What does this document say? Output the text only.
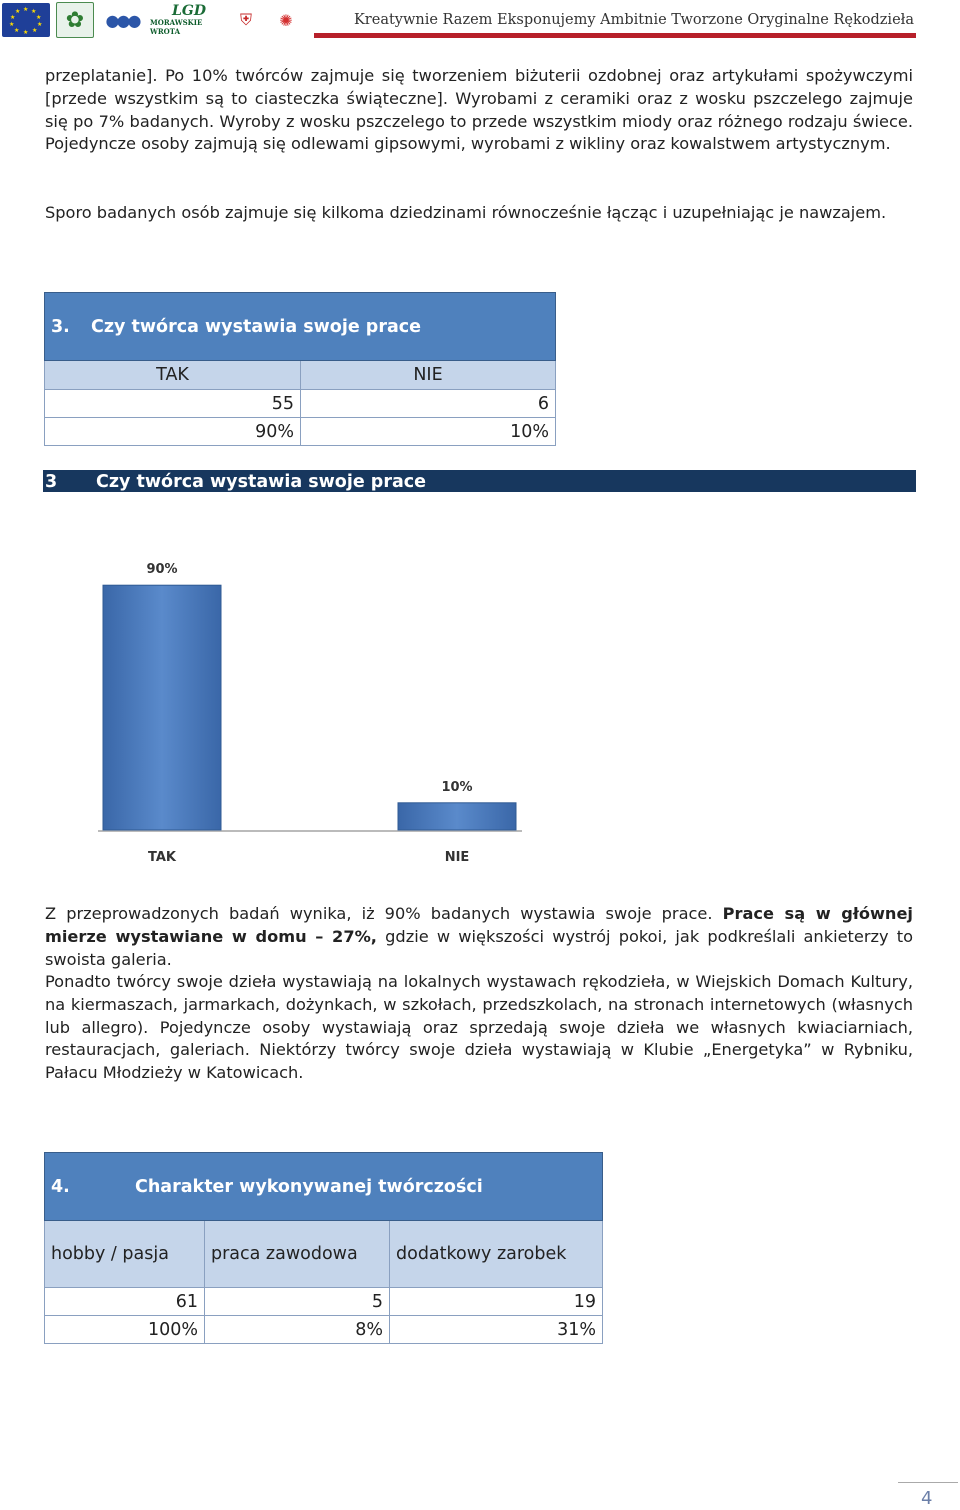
★ ★
★
★
★
★
★
★
★
★	✿	●●●	LGD
MORAWSKIE WROTA
⛨	✺	Kreatywnie Razem Eksponujemy Ambitnie Tworzone Oryginalne Rękodzieła
przeplatanie]. Po 10% twórców zajmuje się tworzeniem biżuterii ozdobnej oraz artykułami spożywczymi [przede wszystkim są to ciasteczka świąteczne]. Wyrobami z ceramiki oraz z wosku pszczelego zajmuje się po 7% badanych. Wyroby z wosku pszczelego to przede wszystkim miody oraz różnego rodzaju świece. Pojedyncze osoby zajmują się odlewami gipsowymi, wyrobami z wikliny oraz kowalstwem artystycznym.
Sporo badanych osób zajmuje się kilkoma dziedzinami równocześnie łącząc i uzupełniając je nawzajem.
3. Czy twórca wystawia swoje prace	
TAK	NIE
55	6
90%	10%
3 Czy twórca wystawia swoje prace
90%
TAK
10%
NIE
Z przeprowadzonych badań wynika, iż 90% badanych wystawia swoje prace. Prace są w głównej mierze wystawiane w domu – 27%, gdzie w większości wystrój pokoi, jak podkreślali ankieterzy to swoista galeria.
Ponadto twórcy swoje dzieła wystawiają na lokalnych wystawach rękodzieła, w Wiejskich Domach Kultury, na kiermaszach, jarmarkach, dożynkach, w szkołach, przedszkolach, na stronach internetowych (własnych lub allegro). Pojedyncze osoby wystawiają oraz sprzedają swoje dzieła we własnych kwiaciarniach, restauracjach, galeriach. Niektórzy twórcy swoje dzieła wystawiają w Klubie „Energetyka” w Rybniku, Pałacu Młodzieży w Katowicach.
4. Charakter wykonywanej twórczości		
hobby / pasja	praca zawodowa	dodatkowy zarobek
61	5	19
100%	8%	31%
4
